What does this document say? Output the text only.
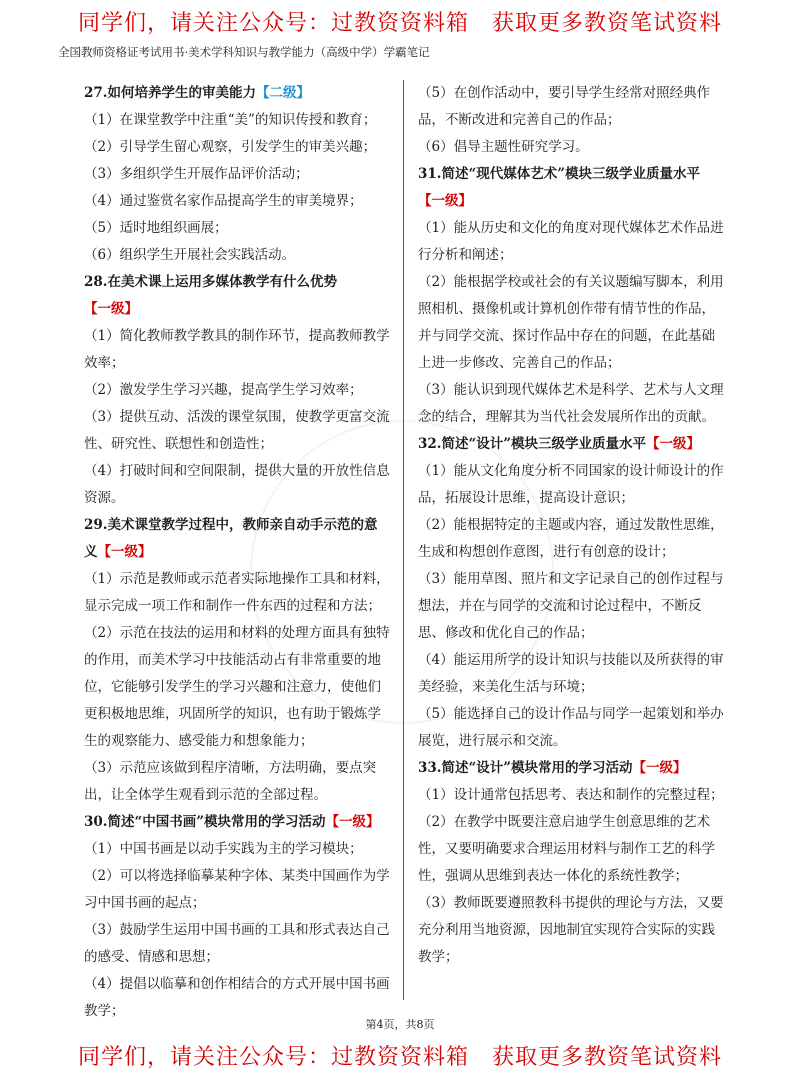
同学们，请关注公众号：过教资资料箱　获取更多教资笔试资料
全国教师资格证考试用书·美术学科知识与教学能力（高级中学）学霸笔记

27.如何培养学生的审美能力【二级】

（1）在课堂教学中注重“美”的知识传授和教育；

（2）引导学生留心观察，引发学生的审美兴趣；

（3）多组织学生开展作品评价活动；

（4）通过鉴赏名家作品提高学生的审美境界；

（5）适时地组织画展；

（6）组织学生开展社会实践活动。

28.在美术课上运用多媒体教学有什么优势【一级】

（1）简化教师教学教具的制作环节，提高教师教学效率；

（2）激发学生学习兴趣，提高学生学习效率；

（3）提供互动、活泼的课堂氛围，使教学更富交流性、研究性、联想性和创造性；

（4）打破时间和空间限制，提供大量的开放性信息资源。

29.美术课堂教学过程中，教师亲自动手示范的意义【一级】

（1）示范是教师或示范者实际地操作工具和材料，显示完成一项工作和制作一件东西的过程和方法；

（2）示范在技法的运用和材料的处理方面具有独特的作用，而美术学习中技能活动占有非常重要的地位，它能够引发学生的学习兴趣和注意力，使他们更积极地思维，巩固所学的知识，也有助于锻炼学生的观察能力、感受能力和想象能力；

（3）示范应该做到程序清晰，方法明确，要点突出，让全体学生观看到示范的全部过程。

30.简述“中国书画”模块常用的学习活动【一级】

（1）中国书画是以动手实践为主的学习模块；

（2）可以将选择临摹某种字体、某类中国画作为学习中国书画的起点；

（3）鼓励学生运用中国书画的工具和形式表达自己的感受、情感和思想；

（4）提倡以临摹和创作相结合的方式开展中国书画教学；

（5）在创作活动中，要引导学生经常对照经典作品，不断改进和完善自己的作品；

（6）倡导主题性研究学习。

31.简述“现代媒体艺术”模块三级学业质量水平【一级】

（1）能从历史和文化的角度对现代媒体艺术作品进行分析和阐述；

（2）能根据学校或社会的有关议题编写脚本，利用照相机、摄像机或计算机创作带有情节性的作品，并与同学交流、探讨作品中存在的问题，在此基础上进一步修改、完善自己的作品；

（3）能认识到现代媒体艺术是科学、艺术与人文理念的结合，理解其为当代社会发展所作出的贡献。

32.简述“设计”模块三级学业质量水平【一级】

（1）能从文化角度分析不同国家的设计师设计的作品，拓展设计思维，提高设计意识；

（2）能根据特定的主题或内容，通过发散性思维，生成和构想创作意图，进行有创意的设计；

（3）能用草图、照片和文字记录自己的创作过程与想法，并在与同学的交流和讨论过程中，不断反思、修改和优化自己的作品；

（4）能运用所学的设计知识与技能以及所获得的审美经验，来美化生活与环境；

（5）能选择自己的设计作品与同学一起策划和举办展览，进行展示和交流。

33.简述“设计”模块常用的学习活动【一级】

（1）设计通常包括思考、表达和制作的完整过程；

（2）在教学中既要注意启迪学生创意思维的艺术性，又要明确要求合理运用材料与制作工艺的科学性，强调从思维到表达一体化的系统性教学；

（3）教师既要遵照教科书提供的理论与方法，又要充分利用当地资源，因地制宜实现符合实际的实践教学；

第4页，共8页
同学们，请关注公众号：过教资资料箱　获取更多教资笔试资料
